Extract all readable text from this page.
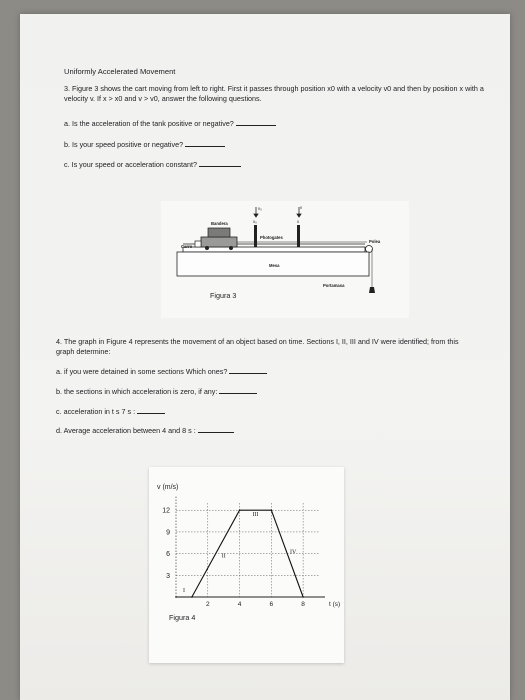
Uniformly Accelerated Movement
3. Figure 3 shows the cart moving from left to right. First it passes through position x0 with a velocity v0 and then by position x with a velocity v. If x > x0 and v > v0, answer the following questions.
a. Is the acceleration of the tank positive or negative?
b. Is your speed positive or negative?
c. Is your speed or acceleration constant?
v₀
x₀
v
x
Bandera
Carro
Photogates
Polea
Mesa
Portamasa
Figura 3
4. The graph in Figure 4 represents the movement of an object based on time. Sections I, II, III and IV were identified; from this graph determine:
a. if you were detained in some sections Which ones?
b. the sections in which acceleration is zero, if any:
c. acceleration in t s 7 s :
d. Average acceleration between 4 and 8 s :
12
9
6
3
2	4	6	8
v (m/s)
t (s)
I
II
III
IV
Figura 4
